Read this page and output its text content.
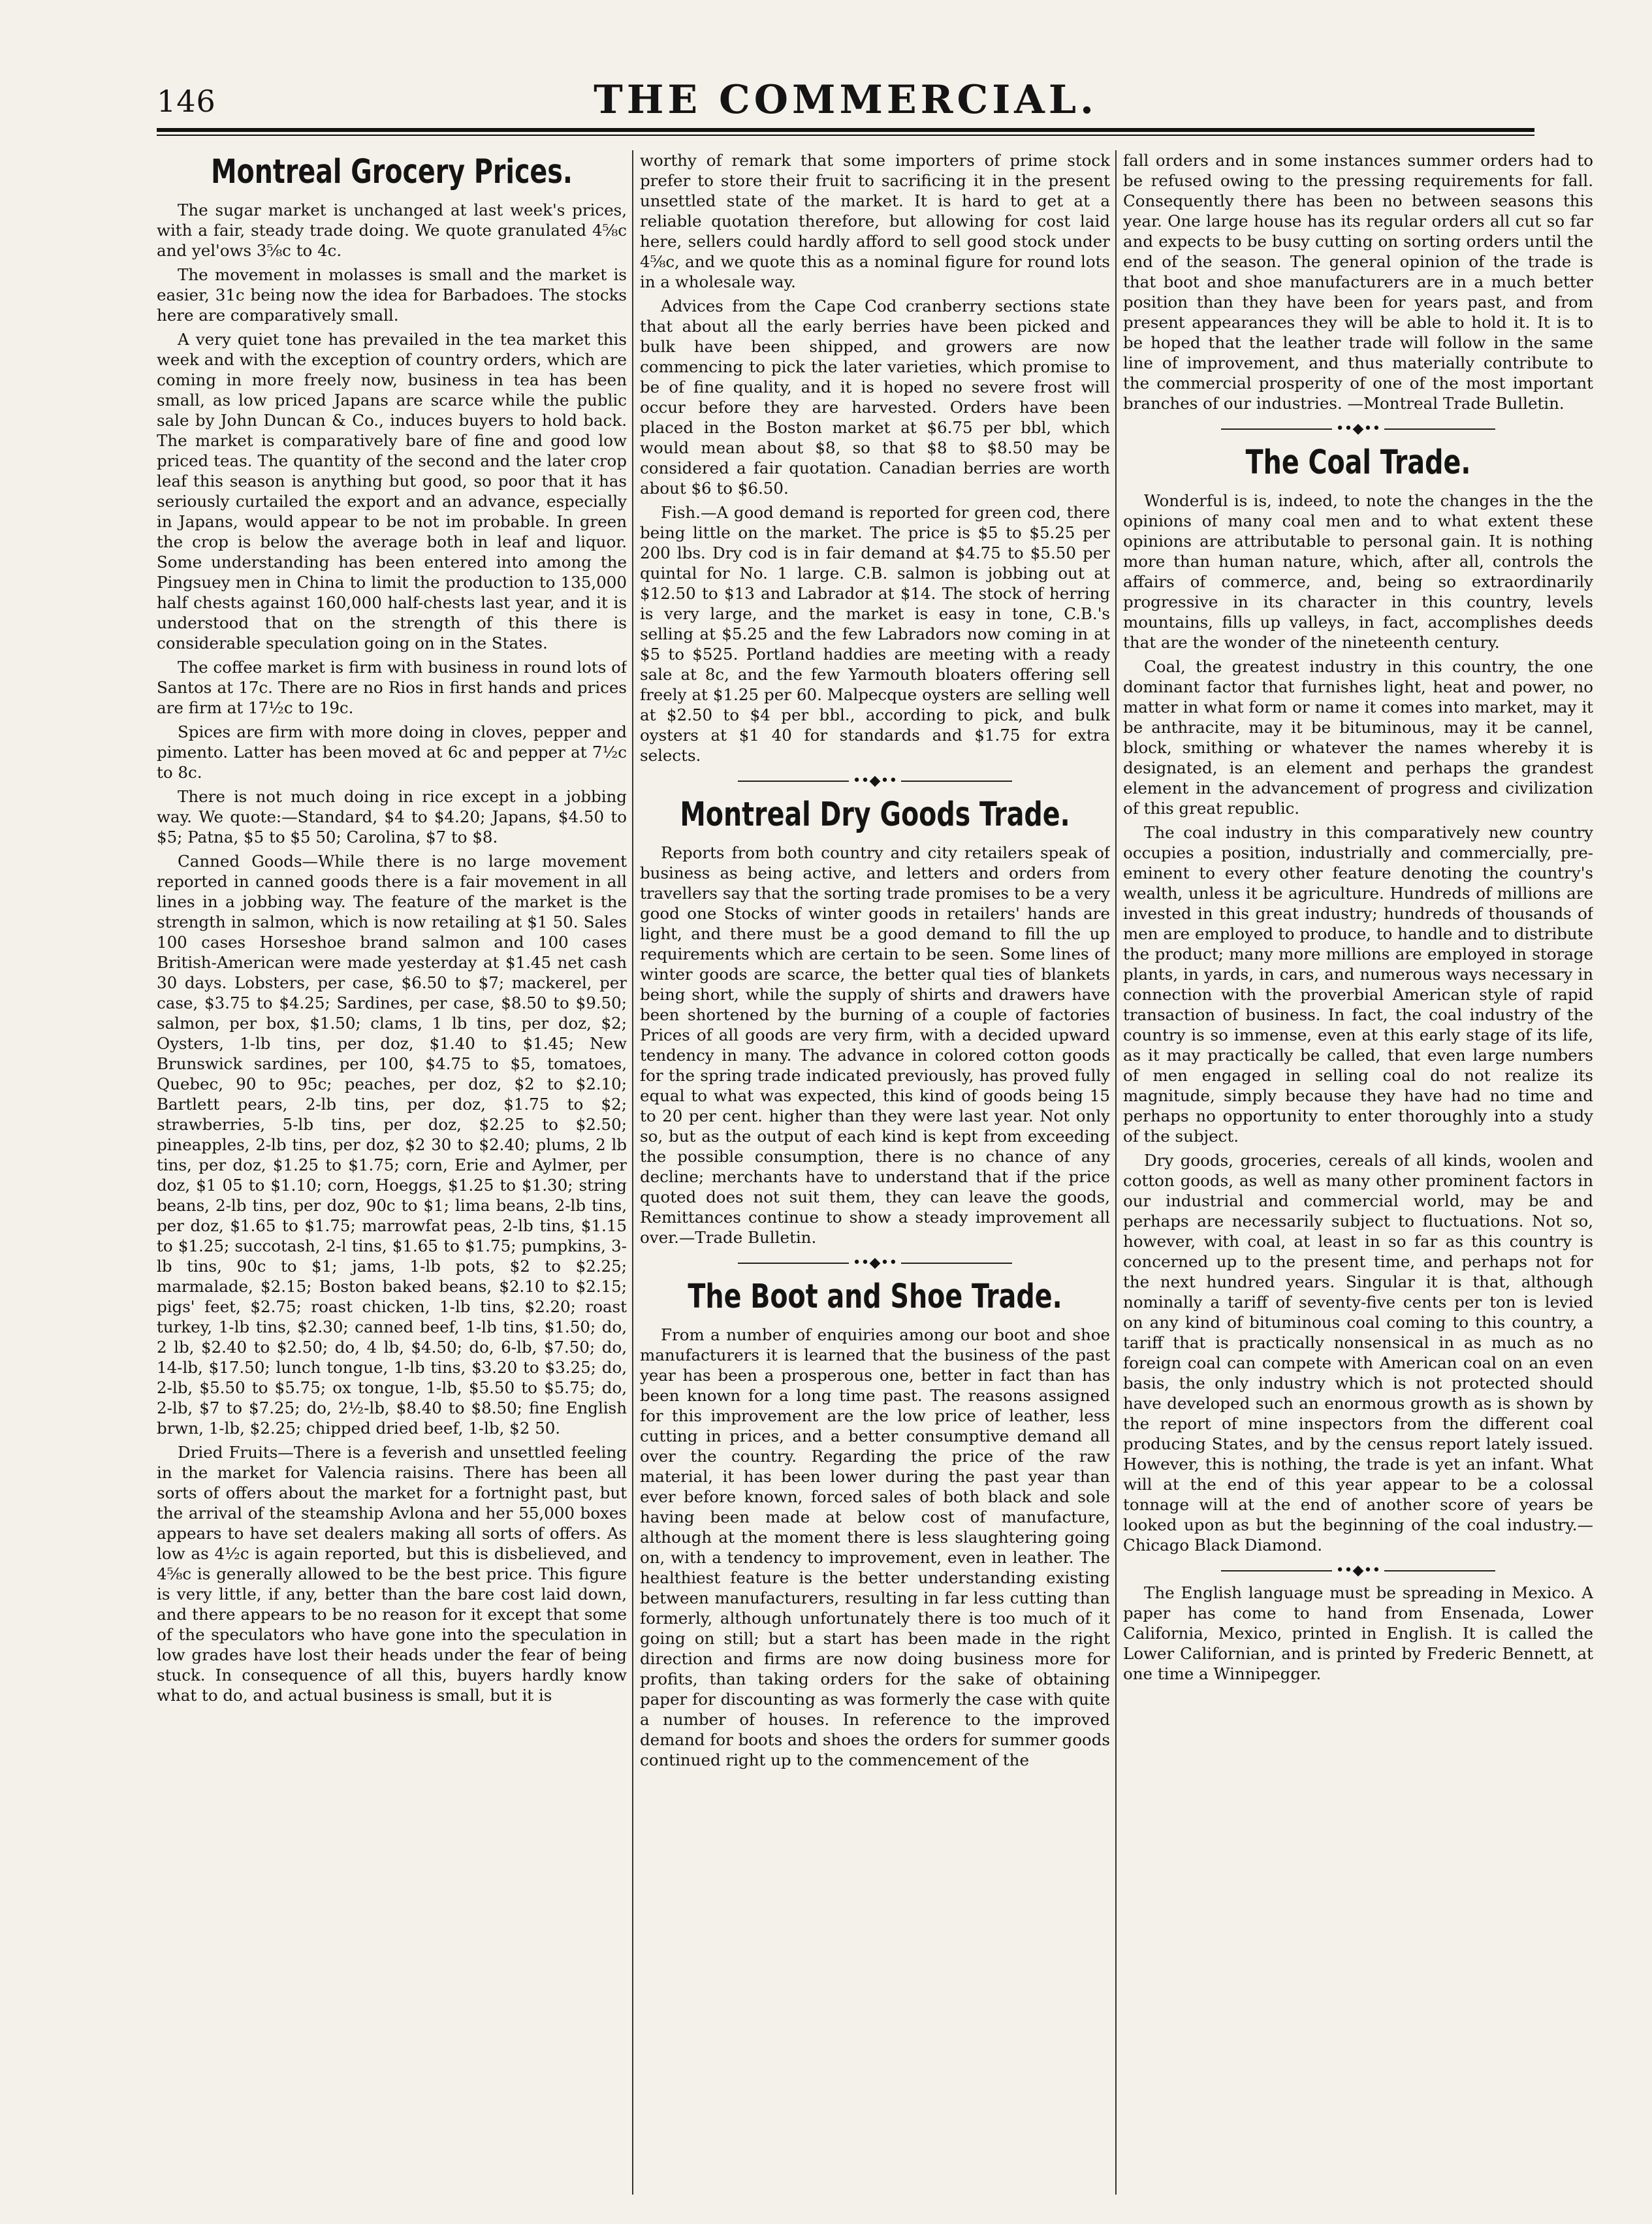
146	THE COMMERCIAL.
Montreal Grocery Prices.

The sugar market is unchanged at last week's prices, with a fair, steady trade doing. We quote granulated 4⅝c and yel'ows 3⅝c to 4c.

The movement in molasses is small and the market is easier, 31c being now the idea for Barbadoes. The stocks here are comparatively small.

A very quiet tone has prevailed in the tea market this week and with the exception of country orders, which are coming in more freely now, business in tea has been small, as low priced Japans are scarce while the public sale by John Duncan & Co., induces buyers to hold back. The market is comparatively bare of fine and good low priced teas. The quantity of the second and the later crop leaf this season is anything but good, so poor that it has seriously curtailed the export and an advance, especially in Japans, would appear to be not im probable. In green the crop is below the average both in leaf and liquor. Some understanding has been entered into among the Pingsuey men in China to limit the production to 135,000 half chests against 160,000 half-chests last year, and it is understood that on the strength of this there is considerable speculation going on in the States.

The coffee market is firm with business in round lots of Santos at 17c. There are no Rios in first hands and prices are firm at 17½c to 19c.

Spices are firm with more doing in cloves, pepper and pimento. Latter has been moved at 6c and pepper at 7½c to 8c.

There is not much doing in rice except in a jobbing way. We quote:—Standard, $4 to $4.20; Japans, $4.50 to $5; Patna, $5 to $5 50; Carolina, $7 to $8.

Canned Goods—While there is no large movement reported in canned goods there is a fair movement in all lines in a jobbing way. The feature of the market is the strength in salmon, which is now retailing at $1 50. Sales 100 cases Horseshoe brand salmon and 100 cases British-American were made yesterday at $1.45 net cash 30 days. Lobsters, per case, $6.50 to $7; mackerel, per case, $3.75 to $4.25; Sardines, per case, $8.50 to $9.50; salmon, per box, $1.50; clams, 1 lb tins, per doz, $2; Oysters, 1-lb tins, per doz, $1.40 to $1.45; New Brunswick sardines, per 100, $4.75 to $5, tomatoes, Quebec, 90 to 95c; peaches, per doz, $2 to $2.10; Bartlett pears, 2-lb tins, per doz, $1.75 to $2; strawberries, 5-lb tins, per doz, $2.25 to $2.50; pineapples, 2-lb tins, per doz, $2 30 to $2.40; plums, 2 lb tins, per doz, $1.25 to $1.75; corn, Erie and Aylmer, per doz, $1 05 to $1.10; corn, Hoeggs, $1.25 to $1.30; string beans, 2-lb tins, per doz, 90c to $1; lima beans, 2-lb tins, per doz, $1.65 to $1.75; marrowfat peas, 2-lb tins, $1.15 to $1.25; succotash, 2-l tins, $1.65 to $1.75; pumpkins, 3-lb tins, 90c to $1; jams, 1-lb pots, $2 to $2.25; marmalade, $2.15; Boston baked beans, $2.10 to $2.15; pigs' feet, $2.75; roast chicken, 1-lb tins, $2.20; roast turkey, 1-lb tins, $2.30; canned beef, 1-lb tins, $1.50; do, 2 lb, $2.40 to $2.50; do, 4 lb, $4.50; do, 6-lb, $7.50; do, 14-lb, $17.50; lunch tongue, 1-lb tins, $3.20 to $3.25; do, 2-lb, $5.50 to $5.75; ox tongue, 1-lb, $5.50 to $5.75; do, 2-lb, $7 to $7.25; do, 2½-lb, $8.40 to $8.50; fine English brwn, 1-lb, $2.25; chipped dried beef, 1-lb, $2 50.

Dried Fruits—There is a feverish and unsettled feeling in the market for Valencia raisins. There has been all sorts of offers about the market for a fortnight past, but the arrival of the steamship Avlona and her 55,000 boxes appears to have set dealers making all sorts of offers. As low as 4½c is again reported, but this is disbelieved, and 4⅝c is generally allowed to be the best price. This figure is very little, if any, better than the bare cost laid down, and there appears to be no reason for it except that some of the speculators who have gone into the speculation in low grades have lost their heads under the fear of being stuck. In consequence of all this, buyers hardly know what to do, and actual business is small, but it is

worthy of remark that some importers of prime stock prefer to store their fruit to sacrificing it in the present unsettled state of the market. It is hard to get at a reliable quotation therefore, but allowing for cost laid here, sellers could hardly afford to sell good stock under 4⅝c, and we quote this as a nominal figure for round lots in a wholesale way.

Advices from the Cape Cod cranberry sections state that about all the early berries have been picked and bulk have been shipped, and growers are now commencing to pick the later varieties, which promise to be of fine quality, and it is hoped no severe frost will occur before they are harvested. Orders have been placed in the Boston market at $6.75 per bbl, which would mean about $8, so that $8 to $8.50 may be considered a fair quotation. Canadian berries are worth about $6 to $6.50.

Fish.—A good demand is reported for green cod, there being little on the market. The price is $5 to $5.25 per 200 lbs. Dry cod is in fair demand at $4.75 to $5.50 per quintal for No. 1 large. C.B. salmon is jobbing out at $12.50 to $13 and Labrador at $14. The stock of herring is very large, and the market is easy in tone, C.B.'s selling at $5.25 and the few Labradors now coming in at $5 to $525. Portland haddies are meeting with a ready sale at 8c, and the few Yarmouth bloaters offering sell freely at $1.25 per 60. Malpecque oysters are selling well at $2.50 to $4 per bbl., according to pick, and bulk oysters at $1 40 for standards and $1.75 for extra selects.

••◆••
Montreal Dry Goods Trade.

Reports from both country and city retailers speak of business as being active, and letters and orders from travellers say that the sorting trade promises to be a very good one Stocks of winter goods in retailers' hands are light, and there must be a good demand to fill the up requirements which are certain to be seen. Some lines of winter goods are scarce, the better qual ties of blankets being short, while the supply of shirts and drawers have been shortened by the burning of a couple of factories Prices of all goods are very firm, with a decided upward tendency in many. The advance in colored cotton goods for the spring trade indicated previously, has proved fully equal to what was expected, this kind of goods being 15 to 20 per cent. higher than they were last year. Not only so, but as the output of each kind is kept from exceeding the possible consumption, there is no chance of any decline; merchants have to understand that if the price quoted does not suit them, they can leave the goods, Remittances continue to show a steady improvement all over.—Trade Bulletin.

••◆••
The Boot and Shoe Trade.

From a number of enquiries among our boot and shoe manufacturers it is learned that the business of the past year has been a prosperous one, better in fact than has been known for a long time past. The reasons assigned for this improvement are the low price of leather, less cutting in prices, and a better consumptive demand all over the country. Regarding the price of the raw material, it has been lower during the past year than ever before known, forced sales of both black and sole having been made at below cost of manufacture, although at the moment there is less slaughtering going on, with a tendency to improvement, even in leather. The healthiest feature is the better understanding existing between manufacturers, resulting in far less cutting than formerly, although unfortunately there is too much of it going on still; but a start has been made in the right direction and firms are now doing business more for profits, than taking orders for the sake of obtaining paper for discounting as was formerly the case with quite a number of houses. In reference to the improved demand for boots and shoes the orders for summer goods continued right up to the commencement of the

fall orders and in some instances summer orders had to be refused owing to the pressing requirements for fall. Consequently there has been no between seasons this year. One large house has its regular orders all cut so far and expects to be busy cutting on sorting orders until the end of the season. The general opinion of the trade is that boot and shoe manufacturers are in a much better position than they have been for years past, and from present appearances they will be able to hold it. It is to be hoped that the leather trade will follow in the same line of improvement, and thus materially contribute to the commercial prosperity of one of the most important branches of our industries. —Montreal Trade Bulletin.

••◆••
The Coal Trade.

Wonderful is is, indeed, to note the changes in the the opinions of many coal men and to what extent these opinions are attributable to personal gain. It is nothing more than human nature, which, after all, controls the affairs of commerce, and, being so extraordinarily progressive in its character in this country, levels mountains, fills up valleys, in fact, accomplishes deeds that are the wonder of the nineteenth century.

Coal, the greatest industry in this country, the one dominant factor that furnishes light, heat and power, no matter in what form or name it comes into market, may it be anthracite, may it be bituminous, may it be cannel, block, smithing or whatever the names whereby it is designated, is an element and perhaps the grandest element in the advancement of progress and civilization of this great republic.

The coal industry in this comparatively new country occupies a position, industrially and commercially, pre-eminent to every other feature denoting the country's wealth, unless it be agriculture. Hundreds of millions are invested in this great industry; hundreds of thousands of men are employed to produce, to handle and to distribute the product; many more millions are employed in storage plants, in yards, in cars, and numerous ways necessary in connection with the proverbial American style of rapid transaction of business. In fact, the coal industry of the country is so immense, even at this early stage of its life, as it may practically be called, that even large numbers of men engaged in selling coal do not realize its magnitude, simply because they have had no time and perhaps no opportunity to enter thoroughly into a study of the subject.

Dry goods, groceries, cereals of all kinds, woolen and cotton goods, as well as many other prominent factors in our industrial and commercial world, may be and perhaps are necessarily subject to fluctuations. Not so, however, with coal, at least in so far as this country is concerned up to the present time, and perhaps not for the next hundred years. Singular it is that, although nominally a tariff of seventy-five cents per ton is levied on any kind of bituminous coal coming to this country, a tariff that is practically nonsensical in as much as no foreign coal can compete with American coal on an even basis, the only industry which is not protected should have developed such an enormous growth as is shown by the report of mine inspectors from the different coal producing States, and by the census report lately issued. However, this is nothing, the trade is yet an infant. What will at the end of this year appear to be a colossal tonnage will at the end of another score of years be looked upon as but the beginning of the coal industry.—Chicago Black Diamond.

••◆••

The English language must be spreading in Mexico. A paper has come to hand from Ensenada, Lower California, Mexico, printed in English. It is called the Lower Californian, and is printed by Frederic Bennett, at one time a Winnipegger.
